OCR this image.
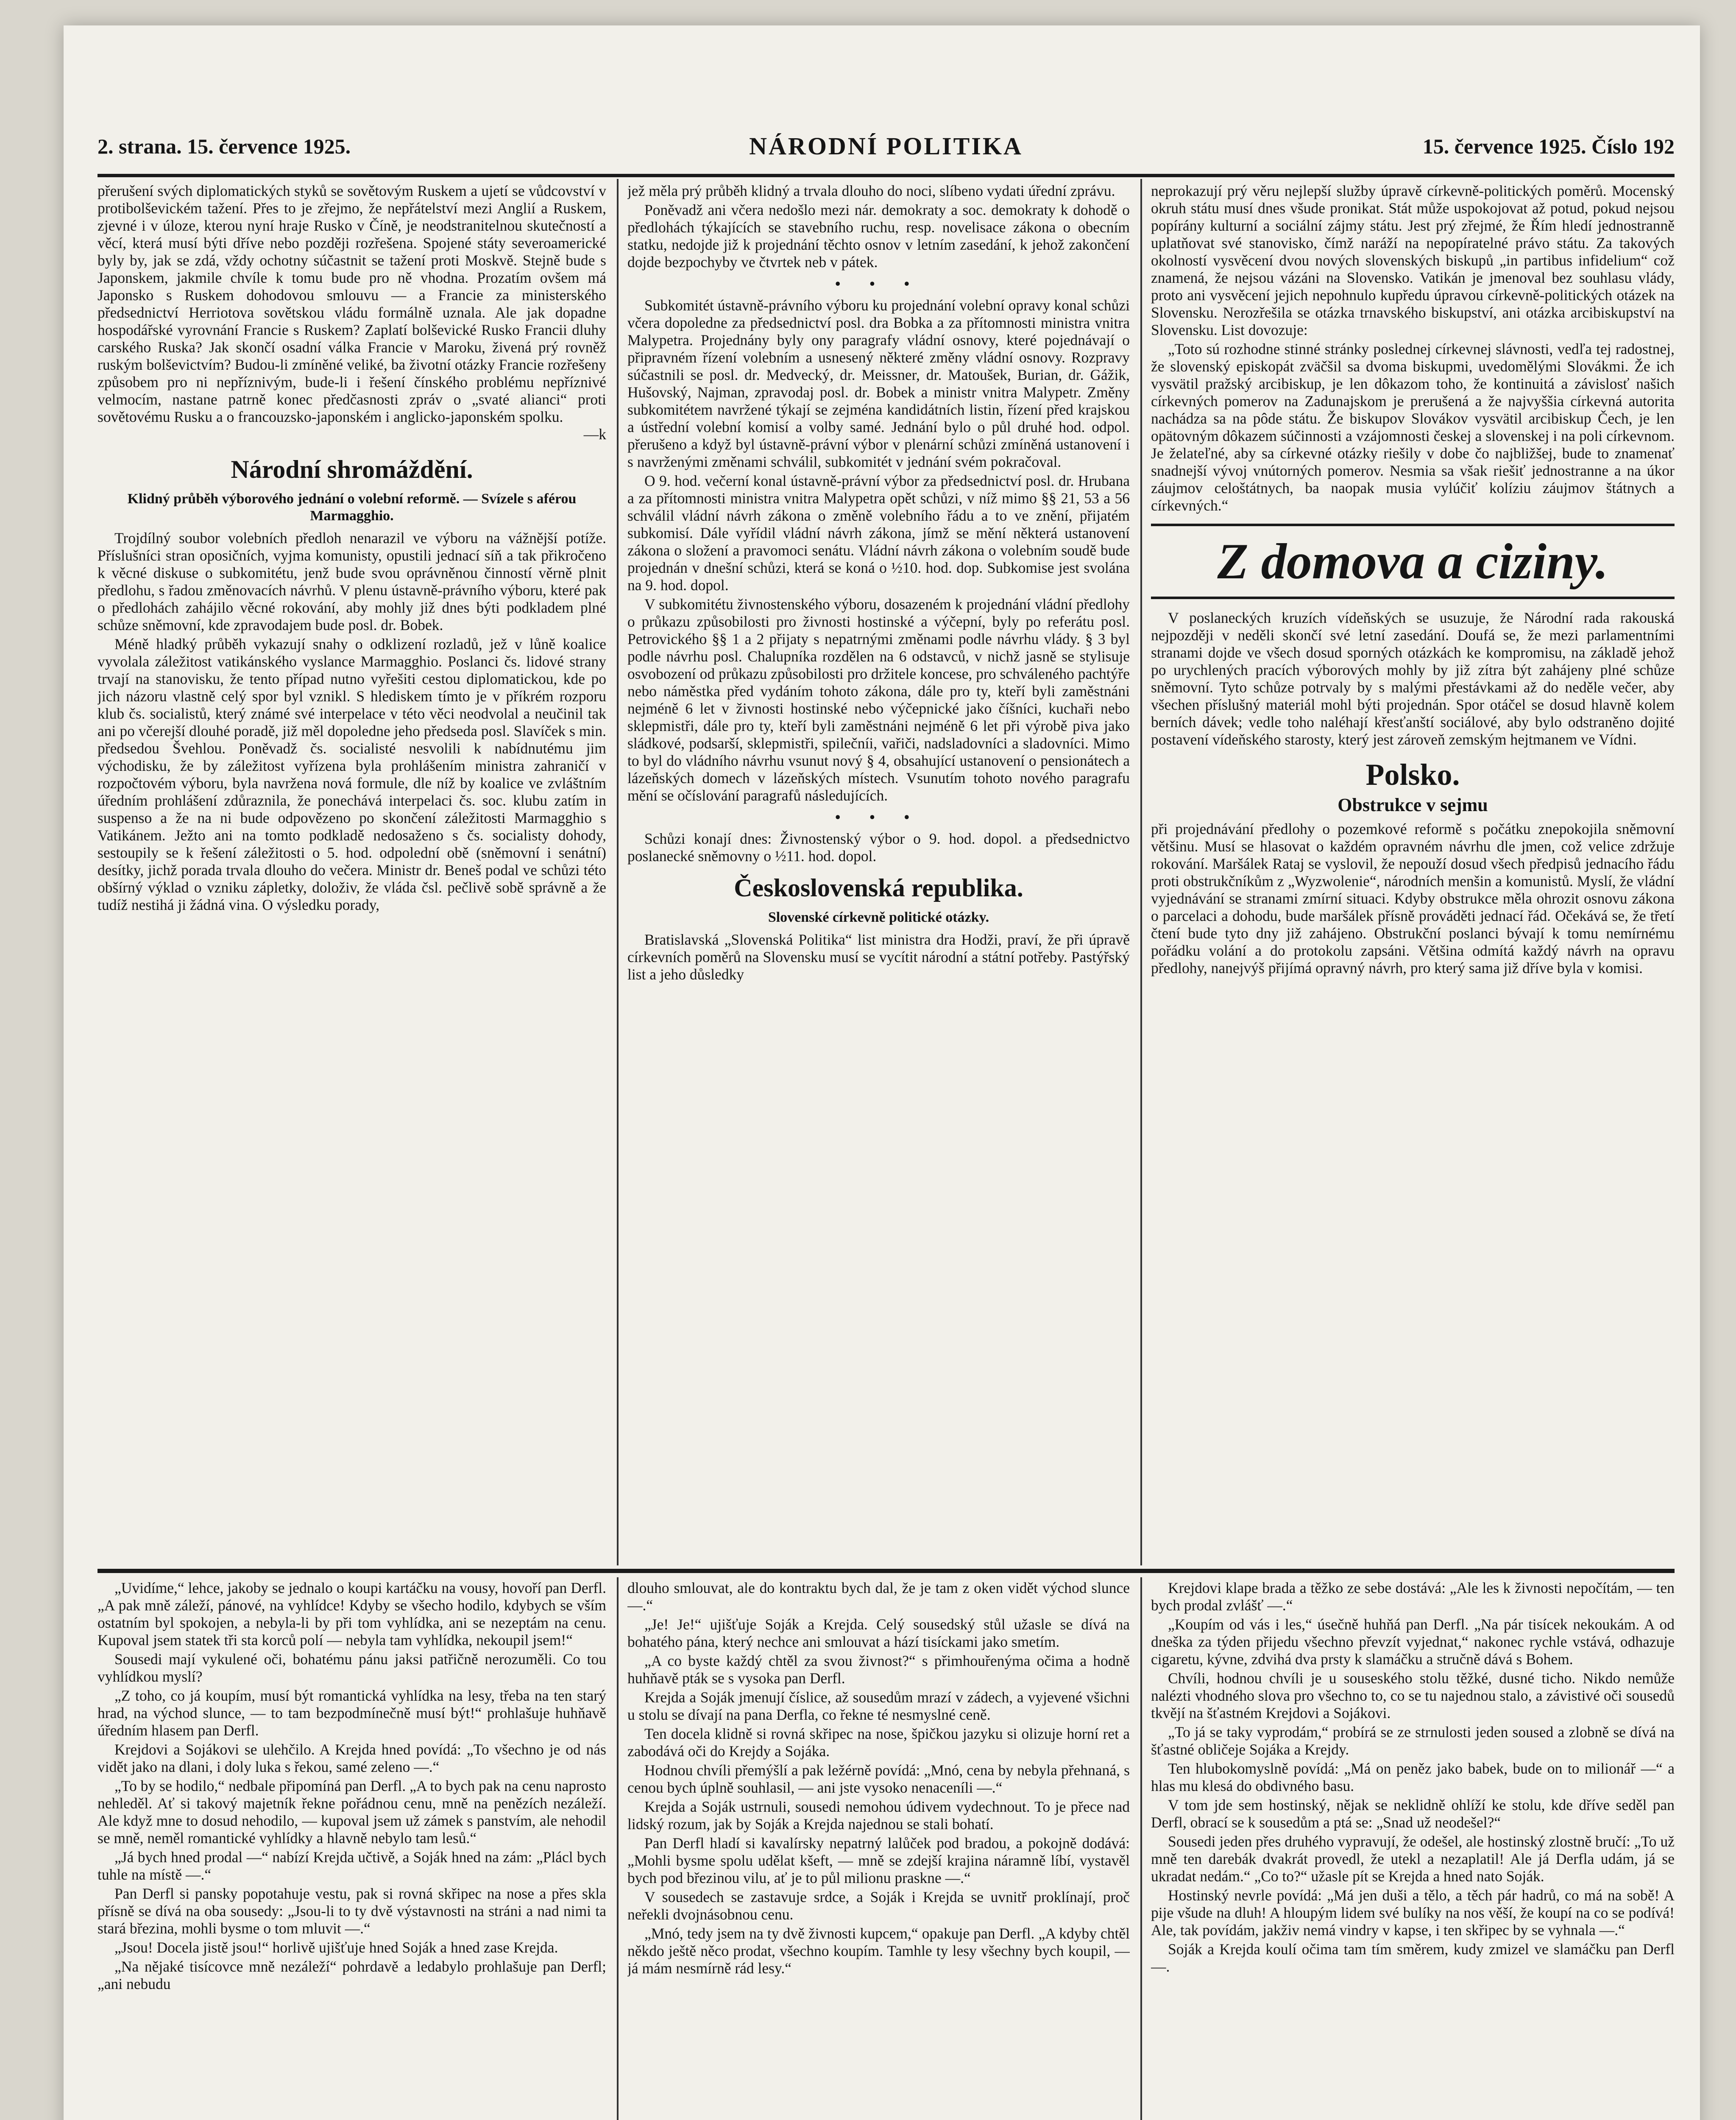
2. strana. 15. července 1925.	NÁRODNÍ POLITIKA	15. července 1925. Číslo 192

přerušení svých diplomatických styků se sovětovým Ruskem a ujetí se vůdcovství v protibolševickém tažení. Přes to je zřejmo, že nepřátelství mezi Anglií a Ruskem, zjevné i v úloze, kterou nyní hraje Rusko v Číně, je neodstranitelnou skutečností a věcí, která musí býti dříve nebo později rozřešena. Spojené státy severoamerické byly by, jak se zdá, vždy ochotny súčastnit se tažení proti Moskvě. Stejně bude s Japonskem, jakmile chvíle k tomu bude pro ně vhodna. Prozatím ovšem má Japonsko s Ruskem dohodovou smlouvu — a Francie za ministerského předsednictví Herriotova sovětskou vládu formálně uznala. Ale jak dopadne hospodářské vyrovnání Francie s Ruskem? Zaplatí bolševické Rusko Francii dluhy carského Ruska? Jak skončí osadní válka Francie v Maroku, živená prý rovněž ruským bolševictvím? Budou-li zmíněné veliké, ba životní otázky Francie rozřešeny způsobem pro ni nepříznivým, bude-li i řešení čínského problému nepříznivé velmocím, nastane patrně konec předčasnosti zpráv o „svaté alianci“ proti sovětovému Rusku a o francouzsko-japonském i anglicko-japonském spolku.

—k

Národní shromáždění.
Klidný průběh výborového jednání o volební reformě. — Svízele s aférou Marmagghio.

Trojdílný soubor volebních předloh nenarazil ve výboru na vážnější potíže. Příslušníci stran oposičních, vyjma komunisty, opustili jednací síň a tak přikročeno k věcné diskuse o subkomitétu, jenž bude svou oprávněnou činností věrně plnit předlohu, s řadou změnovacích návrhů. V plenu ústavně-právního výboru, které pak o předlohách zahájilo věcné rokování, aby mohly již dnes býti podkladem plné schůze sněmovní, kde zpravodajem bude posl. dr. Bobek.

Méně hladký průběh vykazují snahy o odklizení rozladů, jež v lůně koalice vyvolala záležitost vatikánského vyslance Marmagghio. Poslanci čs. lidové strany trvají na stanovisku, že tento případ nutno vyřešiti cestou diplomatickou, kde po jich názoru vlastně celý spor byl vznikl. S hlediskem tímto je v příkrém rozporu klub čs. socialistů, který známé své interpelace v této věci neodvolal a neučinil tak ani po včerejší dlouhé poradě, již měl dopoledne jeho předseda posl. Slavíček s min. předsedou Švehlou. Poněvadž čs. socialisté nesvolili k nabídnutému jim východisku, že by záležitost vyřízena byla prohlášením ministra zahraničí v rozpočtovém výboru, byla navržena nová formule, dle níž by koalice ve zvláštním úředním prohlášení zdůraznila, že ponechává interpelaci čs. soc. klubu zatím in suspenso a že na ni bude odpovězeno po skončení záležitosti Marmagghio s Vatikánem. Ježto ani na tomto podkladě nedosaženo s čs. socialisty dohody, sestoupily se k řešení záležitosti o 5. hod. odpolední obě (sněmovní i senátní) desítky, jichž porada trvala dlouho do večera. Ministr dr. Beneš podal ve schůzi této obšírný výklad o vzniku zápletky, doloživ, že vláda čsl. pečlivě sobě správně a že tudíž nestihá ji žádná vina. O výsledku porady,

jež měla prý průběh klidný a trvala dlouho do noci, slíbeno vydati úřední zprávu.

Poněvadž ani včera nedošlo mezi nár. demokraty a soc. demokraty k dohodě o předlohách týkajících se stavebního ruchu, resp. novelisace zákona o obecním statku, nedojde již k projednání těchto osnov v letním zasedání, k jehož zakončení dojde bezpochyby ve čtvrtek neb v pátek.

• • •

Subkomitét ústavně-právního výboru ku projednání volební opravy konal schůzi včera dopoledne za předsednictví posl. dra Bobka a za přítomnosti ministra vnitra Malypetra. Projednány byly ony paragrafy vládní osnovy, které pojednávají o připravném řízení volebním a usnesený některé změny vládní osnovy. Rozpravy súčastnili se posl. dr. Medvecký, dr. Meissner, dr. Matoušek, Burian, dr. Gážik, Hušovský, Najman, zpravodaj posl. dr. Bobek a ministr vnitra Malypetr. Změny subkomitétem navržené týkají se zejména kandidátních listin, řízení před krajskou a ústřední volební komisí a volby samé. Jednání bylo o půl druhé hod. odpol. přerušeno a když byl ústavně-právní výbor v plenární schůzi zmíněná ustanovení i s navrženými změnami schválil, subkomitét v jednání svém pokračoval.

O 9. hod. večerní konal ústavně-právní výbor za předsednictví posl. dr. Hrubana a za přítomnosti ministra vnitra Malypetra opět schůzi, v níž mimo §§ 21, 53 a 56 schválil vládní návrh zákona o změně volebního řádu a to ve znění, přijatém subkomisí. Dále vyřídil vládní návrh zákona, jímž se mění některá ustanovení zákona o složení a pravomoci senátu. Vládní návrh zákona o volebním soudě bude projednán v dnešní schůzi, která se koná o ½10. hod. dop. Subkomise jest svolána na 9. hod. dopol.

V subkomitétu živnostenského výboru, dosazeném k projednání vládní předlohy o průkazu způsobilosti pro živnosti hostinské a výčepní, byly po referátu posl. Petrovického §§ 1 a 2 přijaty s nepatrnými změnami podle návrhu vlády. § 3 byl podle návrhu posl. Chalupníka rozdělen na 6 odstavců, v nichž jasně se stylisuje osvobození od průkazu způsobilosti pro držitele koncese, pro schváleného pachtýře nebo náměstka před vydáním tohoto zákona, dále pro ty, kteří byli zaměstnáni nejméně 6 let v živnosti hostinské nebo výčepnické jako číšníci, kuchaři nebo sklepmistři, dále pro ty, kteří byli zaměstnáni nejméně 6 let při výrobě piva jako sládkové, podsarší, sklepmistři, spilečníi, vařiči, nadsladovníci a sladovníci. Mimo to byl do vládního návrhu vsunut nový § 4, obsahující ustanovení o pensionátech a lázeňských domech v lázeňských místech. Vsunutím tohoto nového paragrafu mění se očíslování paragrafů následujících.

• • •

Schůzi konají dnes: Živnostenský výbor o 9. hod. dopol. a předsednictvo poslanecké sněmovny o ½11. hod. dopol.

Československá republika.
Slovenské církevně politické otázky.

Bratislavská „Slovenská Politika“ list ministra dra Hodži, praví, že při úpravě církevních poměrů na Slovensku musí se vycítit národní a státní potřeby. Pastýřský list a jeho důsledky

neprokazují prý věru nejlepší služby úpravě církevně-politických poměrů. Mocenský okruh státu musí dnes všude pronikat. Stát může uspokojovat až potud, pokud nejsou popírány kulturní a sociální zájmy státu. Jest prý zřejmé, že Řím hledí jednostranně uplatňovat své stanovisko, čímž naráží na nepopíratelné právo státu. Za takových okolností vysvěcení dvou nových slovenských biskupů „in partibus infidelium“ což znamená, že nejsou vázáni na Slovensko. Vatikán je jmenoval bez souhlasu vlády, proto ani vysvěcení jejich nepohnulo kupředu úpravou církevně-politických otázek na Slovensku. Nerozřešila se otázka trnavského biskupství, ani otázka arcibiskupství na Slovensku. List dovozuje:

„Toto sú rozhodne stinné stránky poslednej církevnej slávnosti, vedľa tej radostnej, že slovenský episkopát zväčšil sa dvoma biskupmi, uvedomělými Slovákmi. Že ich vysvätil pražský arcibiskup, je len dôkazom toho, že kontinuitá a závislosť našich církevných pomerov na Zadunajskom je prerušená a že najvyššia církevná autorita nachádza sa na pôde státu. Že biskupov Slovákov vysvätil arcibiskup Čech, je len opätovným dôkazem súčinnosti a vzájomnosti českej a slovenskej i na poli církevnom. Je želateľné, aby sa církevné otázky riešily v dobe čo najbližšej, bude to znamenať snadnejší vývoj vnútorných pomerov. Nesmia sa však riešiť jednostranne a na úkor záujmov celoštátnych, ba naopak musia vylúčiť kolíziu záujmov štátnych a církevných.“

Z domova a ciziny.

V poslaneckých kruzích vídeňských se usuzuje, že Národní rada rakouská nejpozději v neděli skončí své letní zasedání. Doufá se, že mezi parlamentními stranami dojde ve všech dosud sporných otázkách ke kompromisu, na základě jehož po urychlených pracích výborových mohly by již zítra být zahájeny plné schůze sněmovní. Tyto schůze potrvaly by s malými přestávkami až do neděle večer, aby všechen příslušný materiál mohl býti projednán. Spor otáčel se dosud hlavně kolem berních dávek; vedle toho naléhají křesťanští sociálové, aby bylo odstraněno dojité postavení vídeňského starosty, který jest zároveň zemským hejtmanem ve Vídni.

Polsko.
Obstrukce v sejmu

při projednávání předlohy o pozemkové reformě s počátku znepokojila sněmovní většinu. Musí se hlasovat o každém opravném návrhu dle jmen, což velice zdržuje rokování. Maršálek Rataj se vyslovil, že nepouží dosud všech předpisů jednacího řádu proti obstrukčníkům z „Wyzwolenie“, národních menšin a komunistů. Myslí, že vládní vyjednávání se stranami zmírní situaci. Kdyby obstrukce měla ohrozit osnovu zákona o parcelaci a dohodu, bude maršálek přísně prováděti jednací řád. Očekává se, že třetí čtení bude tyto dny již zahájeno. Obstrukční poslanci bývají k tomu nemírnému pořádku volání a do protokolu zapsáni. Většina odmítá každý návrh na opravu předlohy, nanejvýš přijímá opravný návrh, pro který sama již dříve byla v komisi.

„Uvidíme,“ lehce, jakoby se jednalo o koupi kartáčku na vousy, hovoří pan Derfl. „A pak mně záleží, pánové, na vyhlídce! Kdyby se všecho hodilo, kdybych se vším ostatním byl spokojen, a nebyla-li by při tom vyhlídka, ani se nezeptám na cenu. Kupoval jsem statek tři sta korců polí — nebyla tam vyhlídka, nekoupil jsem!“

Sousedi mají vykulené oči, bohatému pánu jaksi patřičně nerozuměli. Co tou vyhlídkou myslí?

„Z toho, co já koupím, musí být romantická vyhlídka na lesy, třeba na ten starý hrad, na východ slunce, — to tam bezpodmínečně musí být!“ prohlašuje huhňavě úředním hlasem pan Derfl.

Krejdovi a Sojákovi se ulehčilo. A Krejda hned povídá: „To všechno je od nás vidět jako na dlani, i doly luka s řekou, samé zeleno —.“

„To by se hodilo,“ nedbale připomíná pan Derfl. „A to bych pak na cenu naprosto nehleděl. Ať si takový majetník řekne pořádnou cenu, mně na penězích nezáleží. Ale když mne to dosud nehodilo, — kupoval jsem už zámek s panstvím, ale nehodil se mně, neměl romantické vyhlídky a hlavně nebylo tam lesů.“

„Já bych hned prodal —“ nabízí Krejda učtivě, a Soják hned na zám: „Plácl bych tuhle na místě —.“

Pan Derfl si pansky popotahuje vestu, pak si rovná skřipec na nose a přes skla přísně se dívá na oba sousedy: „Jsou-li to ty dvě výstavnosti na stráni a nad nimi ta stará březina, mohli bysme o tom mluvit —.“

„Jsou! Docela jistě jsou!“ horlivě ujišťuje hned Soják a hned zase Krejda.

„Na nějaké tisícovce mně nezáleží“ pohrdavě a ledabylo prohlašuje pan Derfl; „ani nebudu

dlouho smlouvat, ale do kontraktu bych dal, že je tam z oken vidět východ slunce —.“

„Je! Je!“ ujišťuje Soják a Krejda. Celý sousedský stůl užasle se dívá na bohatého pána, který nechce ani smlouvat a hází tisíckami jako smetím.

„A co byste každý chtěl za svou živnost?“ s přimhouřenýma očima a hodně huhňavě pták se s vysoka pan Derfl.

Krejda a Soják jmenují číslice, až sousedům mrazí v zádech, a vyjevené všichni u stolu se dívají na pana Derfla, co řekne té nesmyslné ceně.

Ten docela klidně si rovná skřipec na nose, špičkou jazyku si olizuje horní ret a zabodává oči do Krejdy a Sojáka.

Hodnou chvíli přemýšlí a pak ležérně povídá: „Mnó, cena by nebyla přehnaná, s cenou bych úplně souhlasil, — ani jste vysoko nenaceníli —.“

Krejda a Soják ustrnuli, sousedi nemohou údivem vydechnout. To je přece nad lidský rozum, jak by Soják a Krejda najednou se stali bohatí.

Pan Derfl hladí si kavalírsky nepatrný lalůček pod bradou, a pokojně dodává: „Mohli bysme spolu udělat kšeft, — mně se zdejší krajina náramně líbí, vystavěl bych pod březinou vilu, ať je to půl milionu praskne —.“

V sousedech se zastavuje srdce, a Soják i Krejda se uvnitř proklínají, proč neřekli dvojnásobnou cenu.

„Mnó, tedy jsem na ty dvě živnosti kupcem,“ opakuje pan Derfl. „A kdyby chtěl někdo ještě něco prodat, všechno koupím. Tamhle ty lesy všechny bych koupil, — já mám nesmírně rád lesy.“

Krejdovi klape brada a těžko ze sebe dostává: „Ale les k živnosti nepočítám, — ten bych prodal zvlášť —.“

„Koupím od vás i les,“ úsečně huhňá pan Derfl. „Na pár tisícek nekoukám. A od dneška za týden přijedu všechno převzít vyjednat,“ nakonec rychle vstává, odhazuje cigaretu, kývne, zdvihá dva prsty k slamáčku a stručně dává s Bohem.

Chvíli, hodnou chvíli je u souseského stolu těžké, dusné ticho. Nikdo nemůže nalézti vhodného slova pro všechno to, co se tu najednou stalo, a závistivé oči sousedů tkvějí na šťastném Krejdovi a Sojákovi.

„To já se taky vyprodám,“ probírá se ze strnulosti jeden soused a zlobně se dívá na šťastné obličeje Sojáka a Krejdy.

Ten hlubokomyslně povídá: „Má on peněz jako babek, bude on to milionář —“ a hlas mu klesá do obdivného basu.

V tom jde sem hostinský, nějak se neklidně ohlíží ke stolu, kde dříve seděl pan Derfl, obrací se k sousedům a ptá se: „Snad už neodešel?“

Sousedi jeden přes druhého vypravují, že odešel, ale hostinský zlostně bručí: „To už mně ten darebák dvakrát provedl, že utekl a nezaplatil! Ale já Derfla udám, já se ukradat nedám.“ „Co to?“ užasle pít se Krejda a hned nato Soják.

Hostinský nevrle povídá: „Má jen duši a tělo, a těch pár hadrů, co má na sobě! A pije všude na dluh! A hloupým lidem své bulíky na nos věší, že koupí na co se podívá! Ale, tak povídám, jakživ nemá vindry v kapse, i ten skřipec by se vyhnala —.“

Soják a Krejda koulí očima tam tím směrem, kudy zmizel ve slamáčku pan Derfl —.
